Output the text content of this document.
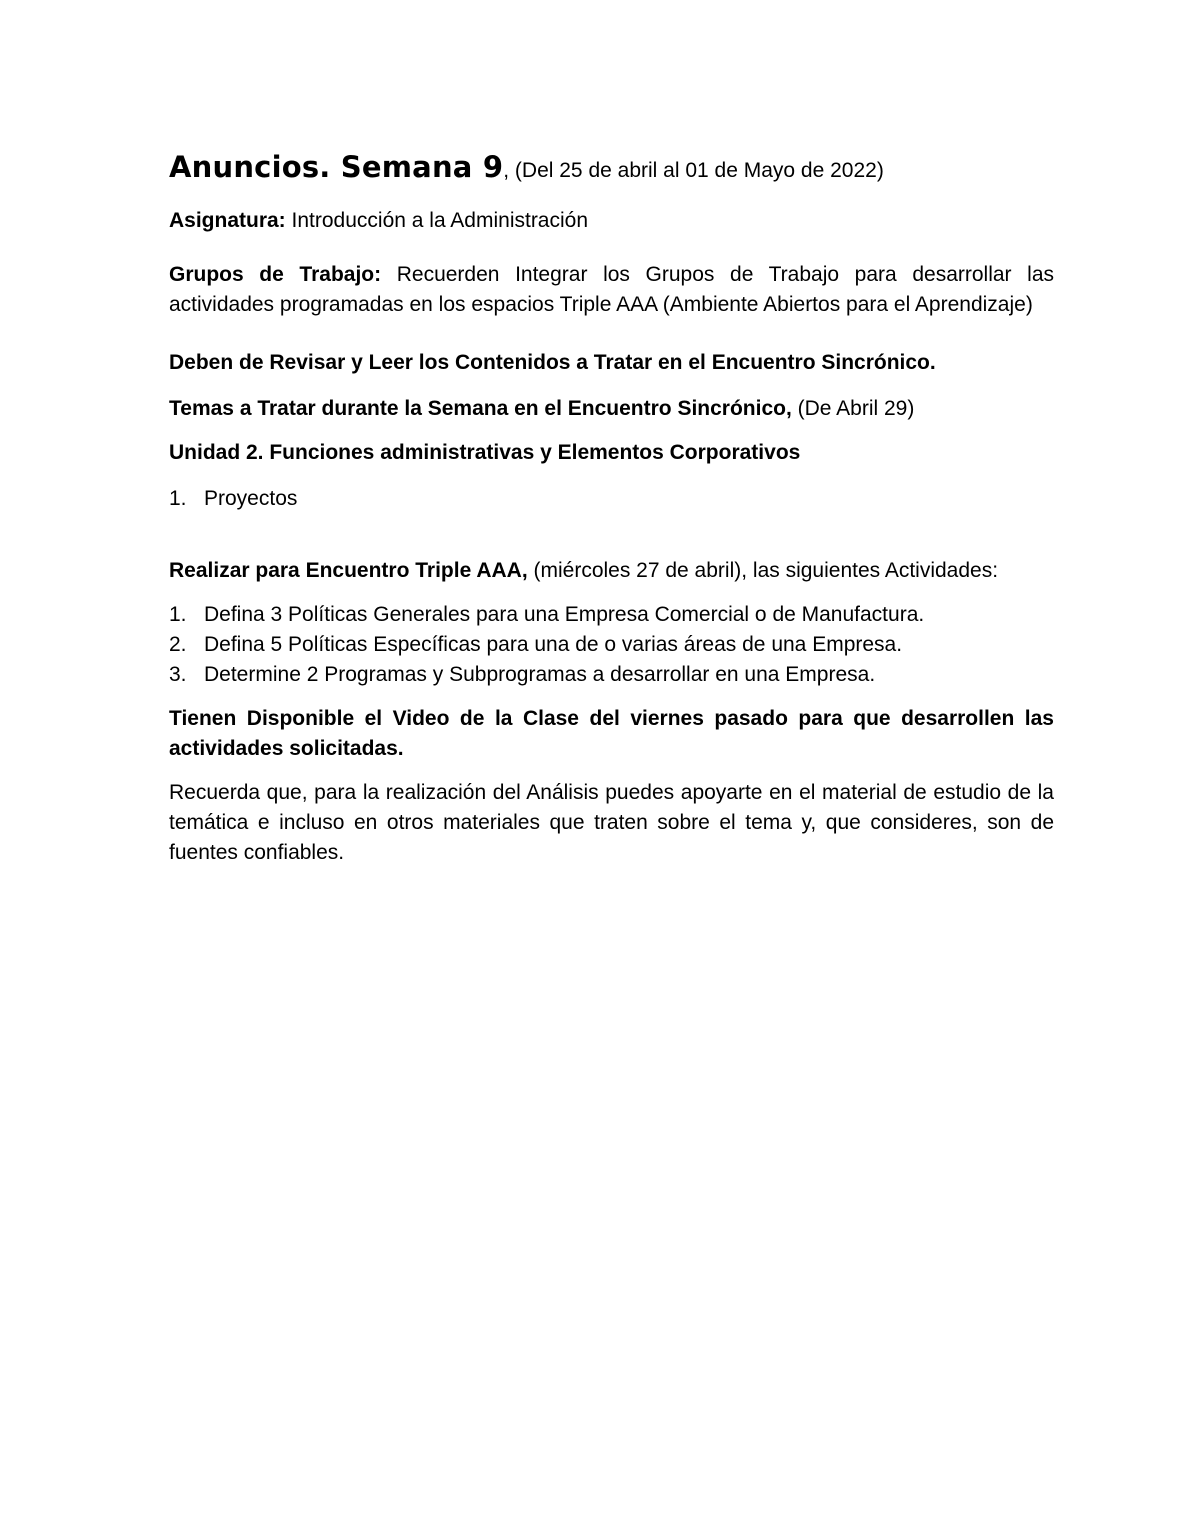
Anuncios. Semana 9, (Del 25 de abril al 01 de Mayo de 2022)

Asignatura: Introducción a la Administración

Grupos de Trabajo: Recuerden Integrar los Grupos de Trabajo para desarrollar las actividades programadas en los espacios Triple AAA (Ambiente Abiertos para el Aprendizaje)

Deben de Revisar y Leer los Contenidos a Tratar en el Encuentro Sincrónico.

Temas a Tratar durante la Semana en el Encuentro Sincrónico, (De Abril 29)

Unidad 2. Funciones administrativas y Elementos Corporativos

1. Proyectos

Realizar para Encuentro Triple AAA, (miércoles 27 de abril), las siguientes Actividades:

1. Defina 3 Políticas Generales para una Empresa Comercial o de Manufactura.
2. Defina 5 Políticas Específicas para una de o varias áreas de una Empresa.
3. Determine 2 Programas y Subprogramas a desarrollar en una Empresa.

Tienen Disponible el Video de la Clase del viernes pasado para que desarrollen las actividades solicitadas.

Recuerda que, para la realización del Análisis puedes apoyarte en el material de estudio de la temática e incluso en otros materiales que traten sobre el tema y, que consideres, son de fuentes confiables.
